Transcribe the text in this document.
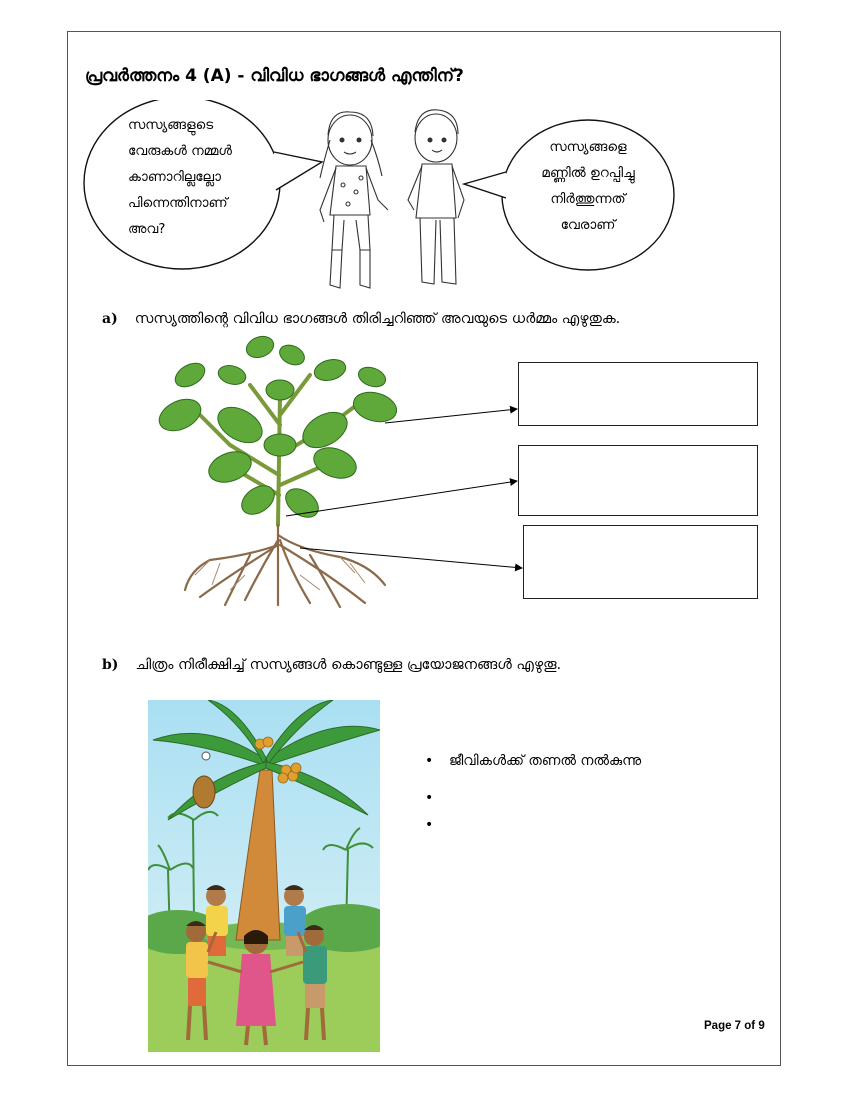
പ്രവർത്തനം 4 (A) - വിവിധ ഭാഗങ്ങൾ എന്തിന്?
സസ്യങ്ങളുടെ
വേരുകൾ നമ്മൾ
കാണാറില്ലല്ലോ
പിന്നെന്തിനാണ്
അവ?
സസ്യങ്ങളെ
മണ്ണിൽ ഉറപ്പിച്ചു
നിർത്തുന്നത്
വേരാണ്
a) സസ്യത്തിന്റെ വിവിധ ഭാഗങ്ങൾ തിരിച്ചറിഞ്ഞ് അവയുടെ ധർമ്മം എഴുതുക.
b) ചിത്രം നിരീക്ഷിച്ച് സസ്യങ്ങൾ കൊണ്ടുള്ള പ്രയോജനങ്ങൾ എഴുതൂ.
• ജീവികൾക്ക് തണൽ നൽകുന്നു
•
•
Page 7 of 9
